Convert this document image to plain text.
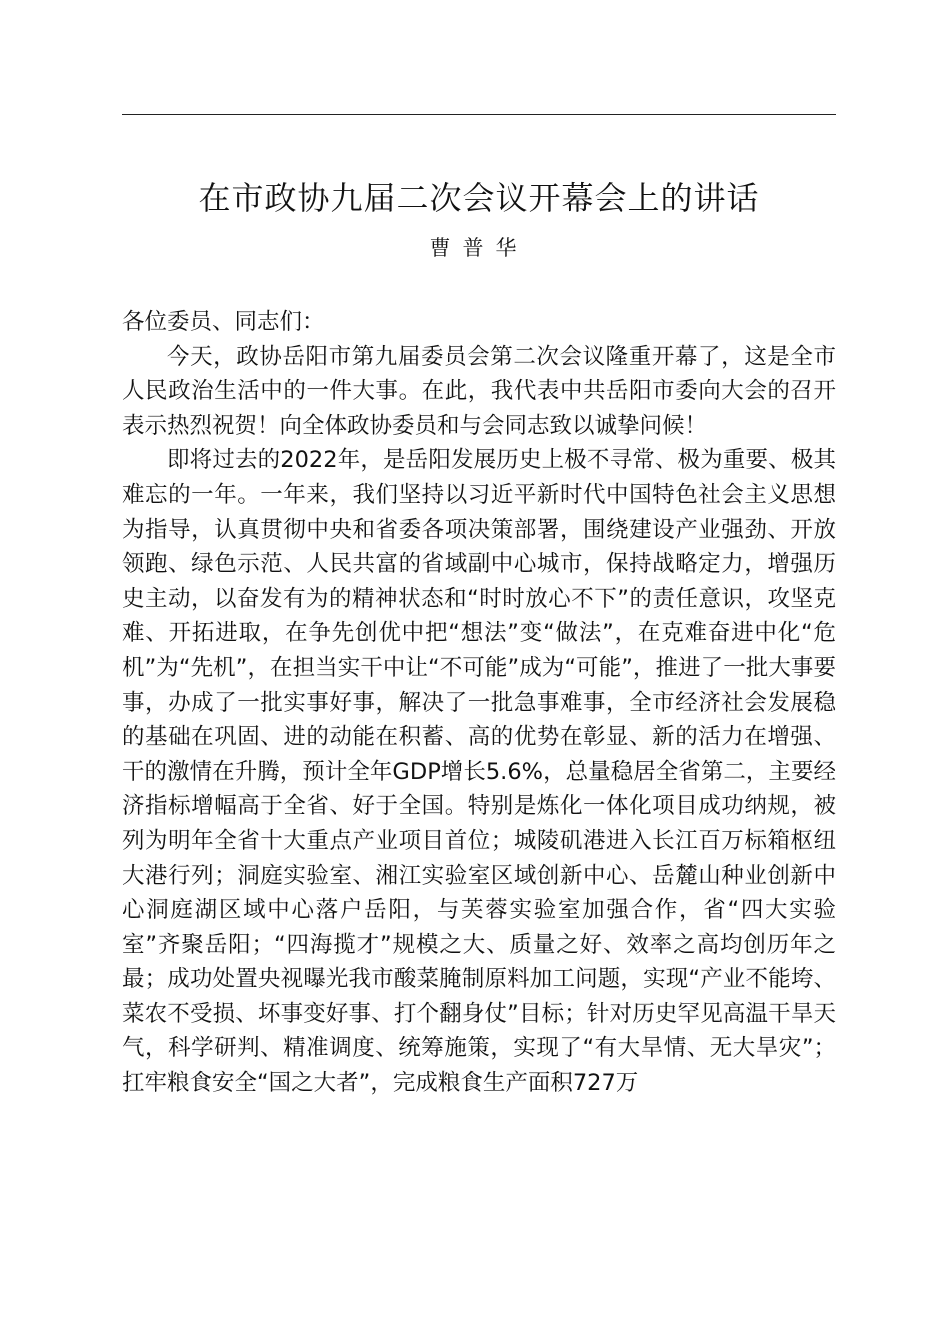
在市政协九届二次会议开幕会上的讲话
曹普华

各位委员、同志们：

今天，政协岳阳市第九届委员会第二次会议隆重开幕了，这是全市人民政治生活中的一件大事。在此，我代表中共岳阳市委向大会的召开表示热烈祝贺！向全体政协委员和与会同志致以诚挚问候！

即将过去的2022年，是岳阳发展历史上极不寻常、极为重要、极其难忘的一年。一年来，我们坚持以习近平新时代中国特色社会主义思想为指导，认真贯彻中央和省委各项决策部署，围绕建设产业强劲、开放领跑、绿色示范、人民共富的省域副中心城市，保持战略定力，增强历史主动，以奋发有为的精神状态和“时时放心不下”的责任意识，攻坚克难、开拓进取，在争先创优中把“想法”变“做法”，在克难奋进中化“危机”为“先机”，在担当实干中让“不可能”成为“可能”，推进了一批大事要事，办成了一批实事好事，解决了一批急事难事，全市经济社会发展稳的基础在巩固、进的动能在积蓄、高的优势在彰显、新的活力在增强、干的激情在升腾，预计全年GDP增长5.6%，总量稳居全省第二，主要经济指标增幅高于全省、好于全国。特别是炼化一体化项目成功纳规，被列为明年全省十大重点产业项目首位；城陵矶港进入长江百万标箱枢纽大港行列；洞庭实验室、湘江实验室区域创新中心、岳麓山种业创新中心洞庭湖区域中心落户岳阳，与芙蓉实验室加强合作，省“四大实验室”齐聚岳阳；“四海揽才”规模之大、质量之好、效率之高均创历年之最；成功处置央视曝光我市酸菜腌制原料加工问题，实现“产业不能垮、菜农不受损、坏事变好事、打个翻身仗”目标；针对历史罕见高温干旱天气，科学研判、精准调度、统筹施策，实现了“有大旱情、无大旱灾”；扛牢粮食安全“国之大者”，完成粮食生产面积727万
